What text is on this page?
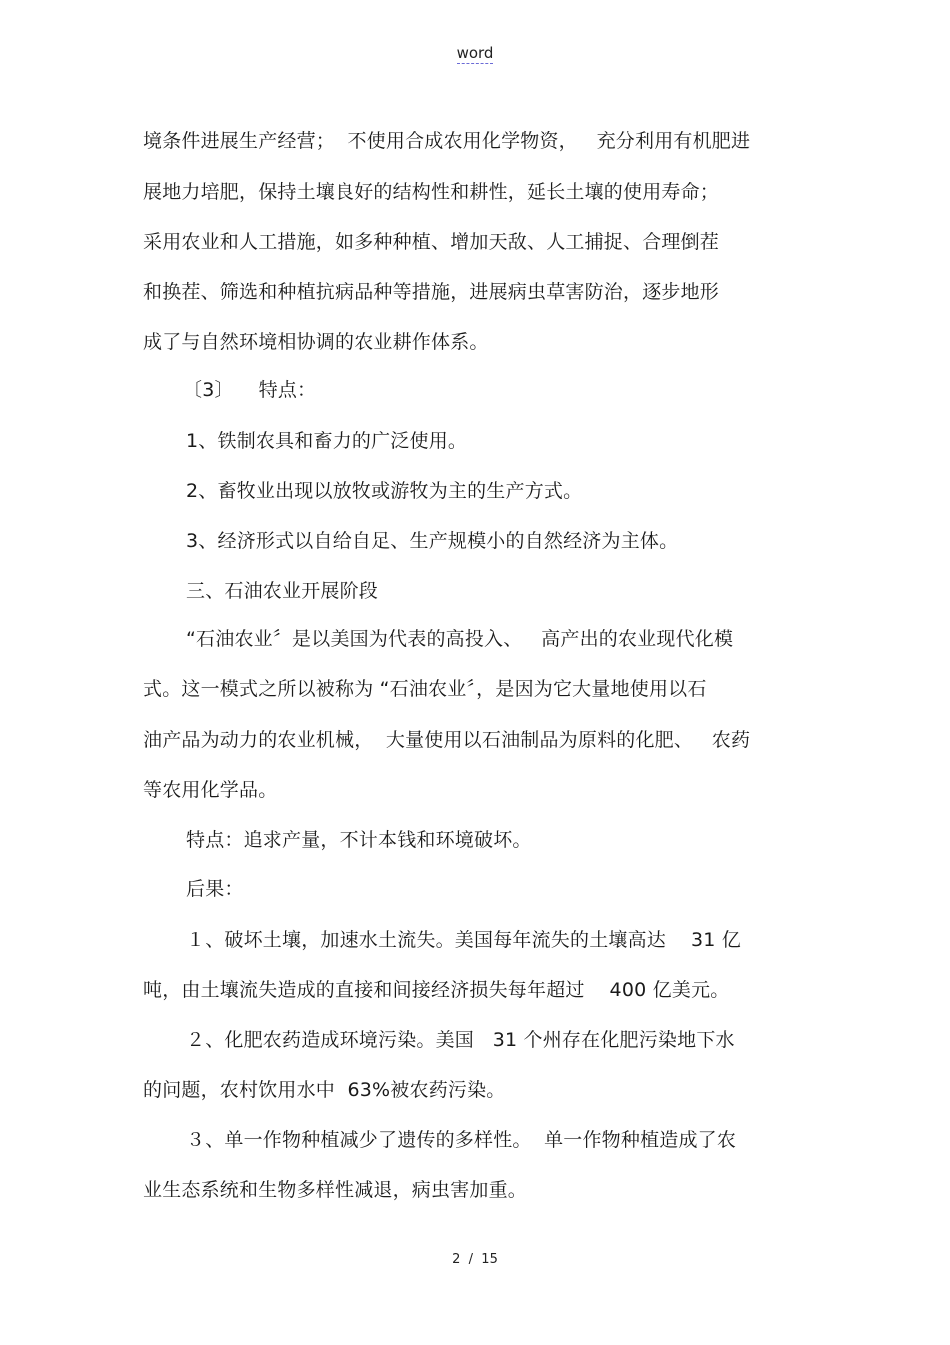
word
境条件进展生产经营；  不使用合成农用化学物资，   充分利用有机肥进
展地力培肥，保持土壤良好的结构性和耕性，延长土壤的使用寿命；
采用农业和人工措施，如多种种植、增加天敌、人工捕捉、合理倒茬
和换茬、筛选和种植抗病品种等措施，进展病虫草害防治，逐步地形
成了与自然环境相协调的农业耕作体系。
〔3〕    特点：
1、铁制农具和畜力的广泛使用。
2、畜牧业出现以放牧或游牧为主的生产方式。
3、经济形式以自给自足、生产规模小的自然经济为主体。
三、石油农业开展阶段
“石油农业〞是以美国为代表的高投入、   高产出的农业现代化模
式。这一模式之所以被称为 “石油农业〞，是因为它大量地使用以石
油产品为动力的农业机械，  大量使用以石油制品为原料的化肥、   农药
等农用化学品。
特点：追求产量，不计本钱和环境破坏。
后果：
１、破坏土壤，加速水土流失。美国每年流失的土壤高达    31 亿
吨，由土壤流失造成的直接和间接经济损失每年超过    400 亿美元。
２、化肥农药造成环境污染。美国   31 个州存在化肥污染地下水
的问题，农村饮用水中  63%被农药污染。
３、单一作物种植减少了遗传的多样性。  单一作物种植造成了农
业生态系统和生物多样性减退，病虫害加重。
2  /  15
